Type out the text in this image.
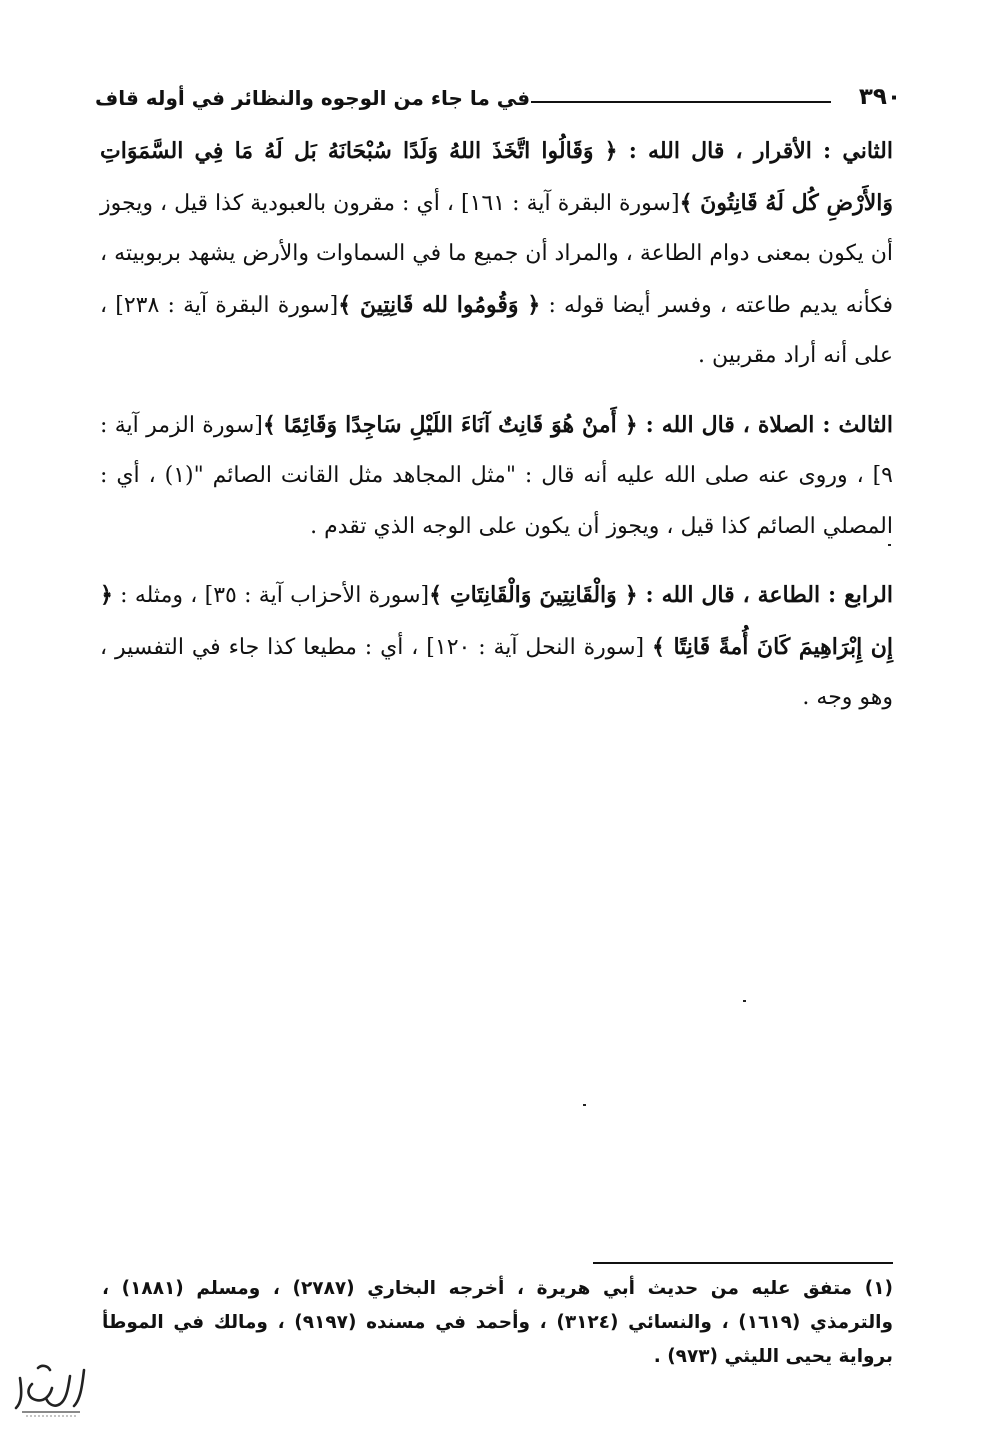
٣٩٠
في ما جاء من الوجوه والنظائر في أوله قاف

الثاني : الأقرار ، قال الله : ﴿ وَقَالُوا اتَّخَذَ اللهُ وَلَدًا سُبْحَانَهُ بَل لَهُ مَا فِي السَّمَوَاتِ وَالأَرْضِ كُل لَهُ قَانِتُونَ ﴾[سورة البقرة آية : ١٦١] ، أي : مقرون بالعبودية كذا قيل ، ويجوز أن يكون بمعنى دوام الطاعة ، والمراد أن جميع ما في السماوات والأرض يشهد بربوبيته ، فكأنه يديم طاعته ، وفسر أيضا قوله : ﴿ وَقُومُوا لله قَانِتِينَ ﴾[سورة البقرة آية : ٢٣٨] ، على أنه أراد مقربين .

الثالث : الصلاة ، قال الله : ﴿ أَمنْ هُوَ قَانِتٌ آنَاءَ اللَيْلِ سَاجِدًا وَقَائِمًا ﴾[سورة الزمر آية : ٩] ، وروى عنه صلى الله عليه أنه قال : "مثل المجاهد مثل القانت الصائم "(١) ، أي : المصلي الصائم كذا قيل ، ويجوز أن يكون على الوجه الذي تقدم .

الرابع : الطاعة ، قال الله : ﴿ وَالْقَانِتِينَ وَالْقَانِتَاتِ ﴾[سورة الأحزاب آية : ٣٥] ، ومثله : ﴿ إِن إِبْرَاهِيمَ كَانَ أُمةً قَانِتًا ﴾ [سورة النحل آية : ١٢٠] ، أي : مطيعا كذا جاء في التفسير ، وهو وجه .

(١) متفق عليه من حديث أبي هريرة ، أخرجه البخاري (٢٧٨٧) ، ومسلم (١٨٨١) ، والترمذي (١٦١٩) ، والنسائي (٣١٢٤) ، وأحمد في مسنده (٩١٩٧) ، ومالك في الموطأ برواية يحيى الليثي (٩٧٣) .
